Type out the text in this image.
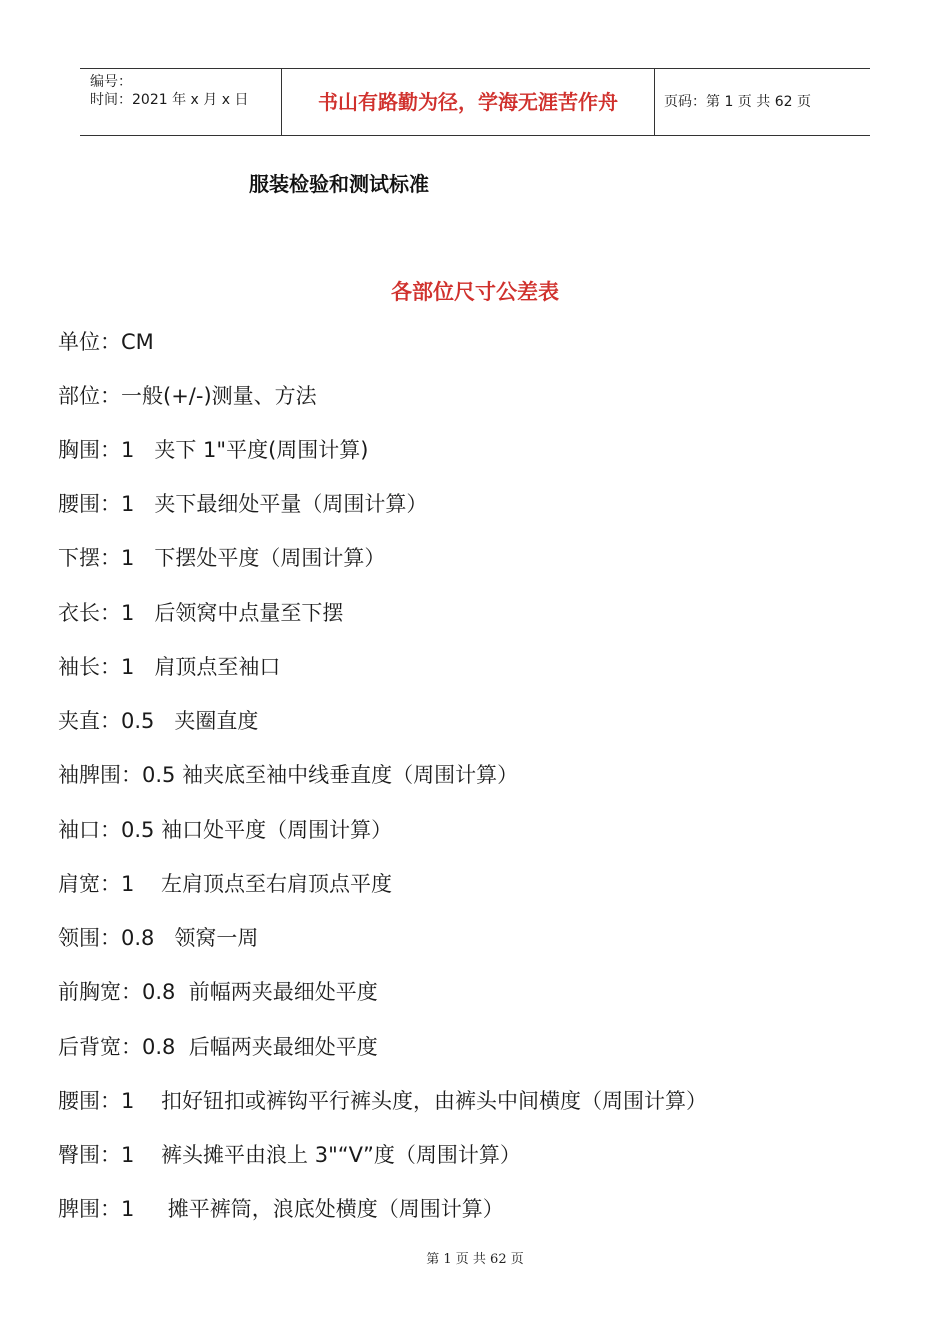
编号：
时间：2021 年 x 月 x 日	书山有路勤为径，学海无涯苦作舟	页码：第 1 页 共 62 页
服装检验和测试标准
各部位尺寸公差表
单位：CM
部位：一般(+/-)测量、方法
胸围：1   夹下 1"平度(周围计算)
腰围：1   夹下最细处平量（周围计算）
下摆：1   下摆处平度（周围计算）
衣长：1   后领窝中点量至下摆
袖长：1   肩顶点至袖口
夹直：0.5   夹圈直度
袖脾围：0.5 袖夹底至袖中线垂直度（周围计算）
袖口：0.5 袖口处平度（周围计算）
肩宽：1    左肩顶点至右肩顶点平度
领围：0.8   领窝一周
前胸宽：0.8  前幅两夹最细处平度
后背宽：0.8  后幅两夹最细处平度
腰围：1    扣好钮扣或裤钩平行裤头度，由裤头中间横度（周围计算）
臀围：1    裤头摊平由浪上 3"“V”度（周围计算）
脾围：1     摊平裤筒，浪底处横度（周围计算）
第 1 页 共 62 页
